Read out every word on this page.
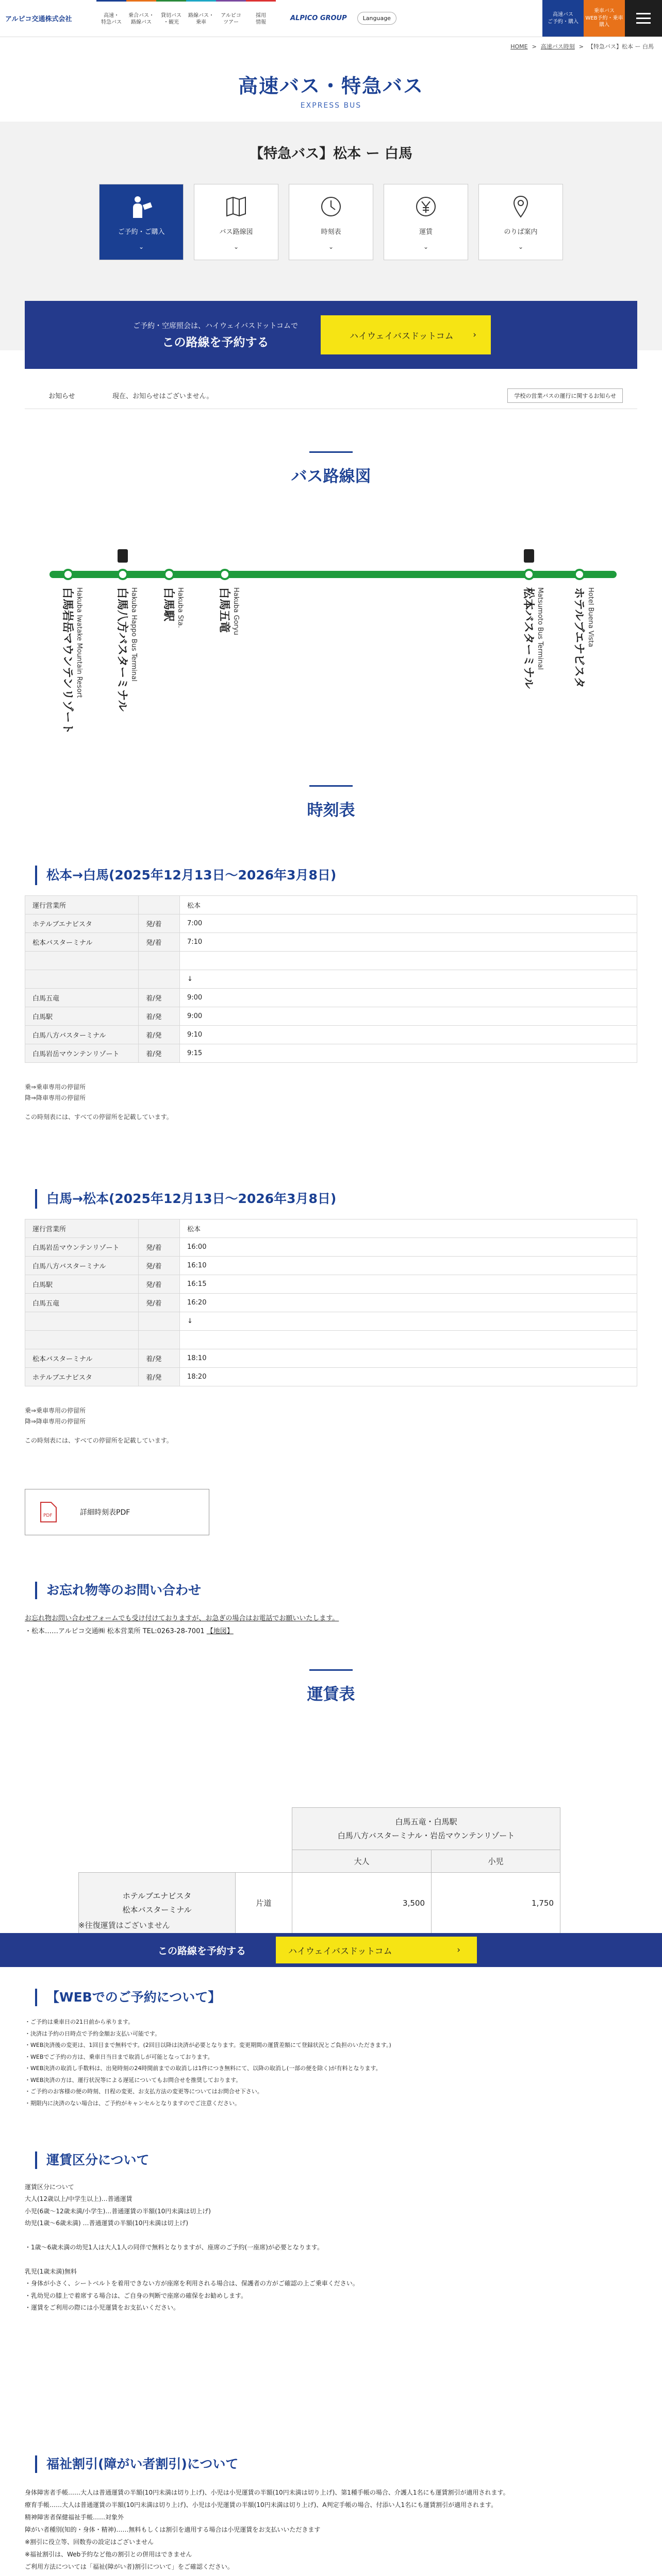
アルピコ交通株式会社	高速・
特急バス
乗合バス・
路線バス
貸切バス
・観光
路線バス・
乗車
アルピコ
ツアー
採用
情報
ALPICO GROUP	Language
高速バス
ご予約・購入
乗車バス
WEB予約・乗車
購入
HOME > 高速バス時刻 > 【特急バス】松本 ー 白馬
高速バス・特急バス

EXPRESS BUS

【特急バス】松本 ー 白馬
ご予約・ご購入
⌄
バス路線図
⌄
時刻表
⌄
運賃
⌄
のりば案内
⌄
ご予約・空席照会は、ハイウェイバスドットコムで
この路線を予約する	ハイウェイバスドットコム ›
お知らせ	現在、お知らせはございません。	学校の営業バスの運行に関するお知らせ
バス路線図
白馬岩岳マウンテンリゾート Hakuba Iwatake Mountain Resort	白馬八方バスターミナル Hakuba Happo Bus Terminal 白馬駅 Hakuba Sta.	白馬五竜 Hakuba Goryu	松本バスターミナル Matsumoto Bus Terminal	ホテルブエナビスタ Hotel Buena Vista
時刻表
松本→白馬(2025年12月13日〜2026年3月8日)
運行営業所		松本
ホテルブエナビスタ	発/着	7:00
松本バスターミナル	発/着	7:10

		↓
白馬五竜	着/発	9:00
白馬駅	着/発	9:00
白馬八方バスターミナル	着/発	9:10
白馬岩岳マウンテンリゾート	着/発	9:15
乗⇒乗車専用の停留所
降⇒降車専用の停留所
この時刻表には、すべての停留所を記載しています。
白馬→松本(2025年12月13日〜2026年3月8日)
運行営業所		松本
白馬岩岳マウンテンリゾート	発/着	16:00
白馬八方バスターミナル	発/着	16:10
白馬駅	発/着	16:15
白馬五竜	発/着	16:20
		↓

松本バスターミナル	着/発	18:10
ホテルブエナビスタ	着/発	18:20
乗⇒乗車専用の停留所
降⇒降車専用の停留所
この時刻表には、すべての停留所を記載しています。
PDF	詳細時刻表PDF
お忘れ物等のお問い合わせ
お忘れ物お問い合わせフォームでも受け付けておりますが、お急ぎの場合はお電話でお願いいたします。
・松本……アルピコ交通㈱ 松本営業所 TEL:0263-28-7001 【地図】
運賃表

		白馬五竜・白馬駅
白馬八方バスターミナル・岩岳マウンテンリゾート	

		大人	小児

ホテルブエナビスタ
松本バスターミナル	片道	3,500	1,750
※往復運賃はございません
この路線を予約する	ハイウェイバスドットコム	›
【WEBでのご予約について】
・ご予約は乗車日の21日前から承ります。
・決済は予約の日時点で予約金額お支払い可能です。
・WEB決済後の変更は、1回目まで無料です。(2回目以降は決済が必要となります。変更期間の運賃差額にて登録状況とご負担のいただきます。)
・WEBでご予約の方は、乗車日当日まで取消しが可能となっております。
・WEB決済の取消し手数料は、出発時刻の24時間前までの取消しは1件につき無料にて、以降の取消し(一部の便を除く)が有料となります。
・WEB決済の方は、運行状況等による遅延についてもお問合せを推奨しております。
・ご予約のお客様の便の時刻、日程の変更、お支払方法の変更等についてはお問合せ下さい。
・期限内に決済のない場合は、ご予約がキャンセルとなりますのでご注意ください。
運賃区分について
運賃区分について
大人(12歳以上/中学生以上)…普通運賃
小児(6歳〜12歳未満/小学生)…普通運賃の半額(10円未満は切上げ)
幼児(1歳〜6歳未満) …普通運賃の半額(10円未満は切上げ)

・1歳〜6歳未満の幼児1人は大人1人の同伴で無料となりますが、座席のご予約(一座席)が必要となります。

乳児(1歳未満)無料
・身体が小さく、シートベルトを着用できない方が座席を利用される場合は、保護者の方がご確認の上ご乗車ください。
・乳幼児の膝上で着席する場合は、ご自身の判断で座席の確保をお勧めします。
・運賃をご利用の際には小児運賃をお支払いください。
福祉割引(障がい者割引)について
身体障害者手帳……大人は普通運賃の半額(10円未満は切り上げ)、小児は小児運賃の半額(10円未満は切り上げ)、第1種手帳の場合、介護人1名にも運賃割引が適用されます。
療育手帳……大人は普通運賃の半額(10円未満は切り上げ)、小児は小児運賃の半額(10円未満は切り上げ)、A判定手帳の場合、付添い人1名にも運賃割引が適用されます。
精神障害者保健福祉手帳……対象外
障がい者種別(知的・身体・精神)……無料もしくは割引を適用する場合は小児運賃をお支払いいただきます
※割引に役立等、回数券の設定はございません
※福祉割引は、Web予約など他の割引との併用はできません
ご利用方法については「福祉(障がい者)割引について」をご確認ください。
